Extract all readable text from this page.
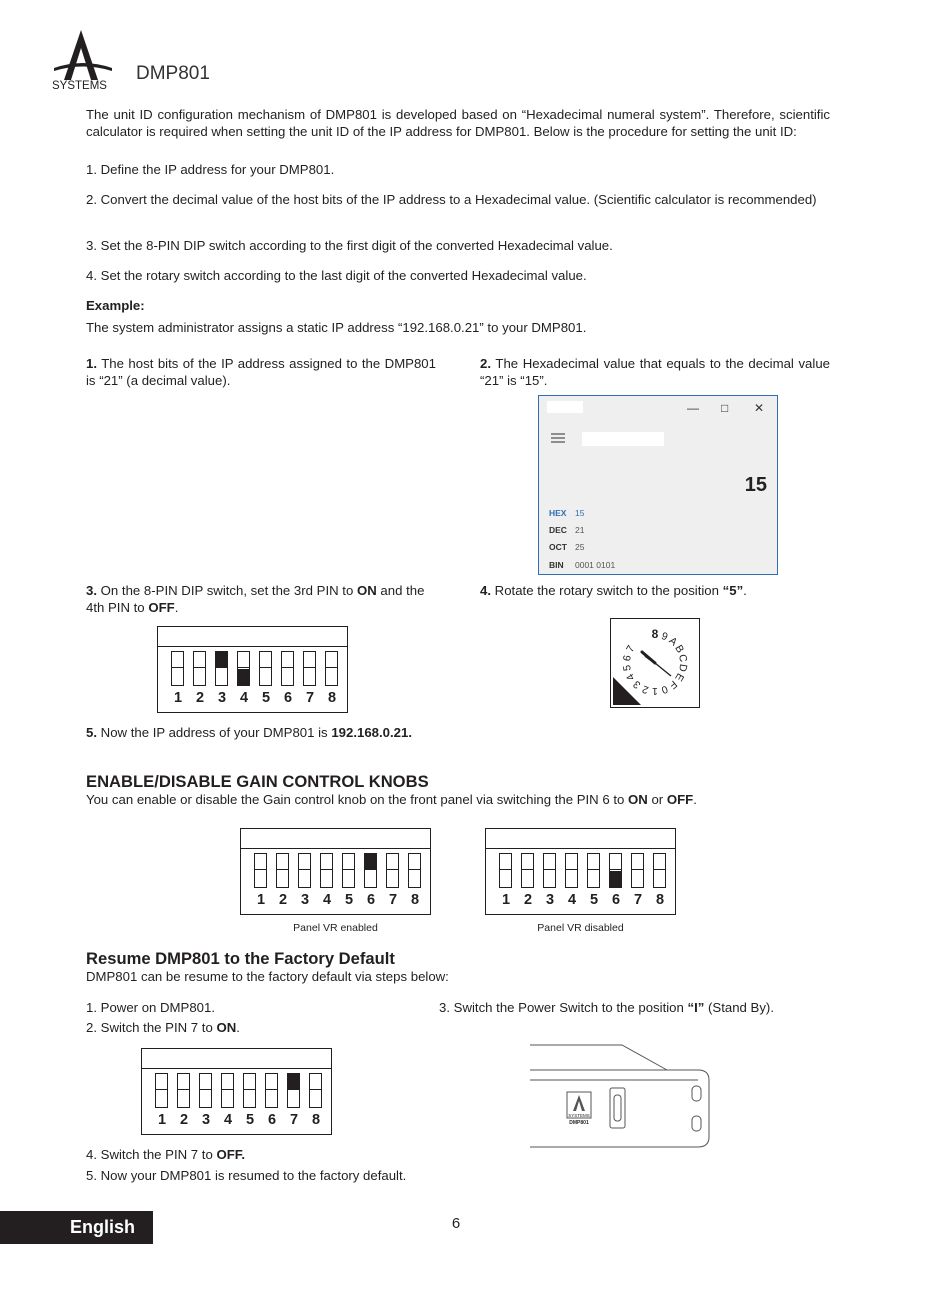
SYSTEMS
DMP801
The unit ID configuration mechanism of DMP801 is developed based on “Hexadecimal numeral system”. Therefore, scientific calculator is required when setting the unit ID of the IP address for DMP801. Below is the procedure for setting the unit ID:
1. Define the IP address for your DMP801.
2. Convert the decimal value of the host bits of the IP address to a Hexadecimal value. (Scientific calculator is recommended)
3. Set the 8-PIN DIP switch according to the first digit of the converted Hexadecimal value.
4. Set the rotary switch according to the last digit of the converted Hexadecimal value.
Example:
The system administrator assigns a static IP address “192.168.0.21” to your DMP801.
1. The host bits of the IP address assigned to the DMP801 is “21” (a decimal value).
2. The Hexadecimal value that equals to the decimal value “21” is “15”.
— □ ✕
15
HEX 15
DEC 21
OCT 25
BIN 0001 0101
3. On the 8-PIN DIP switch, set the 3rd PIN to ON and the 4th PIN to OFF.
4. Rotate the rotary switch to the position “5”.
1 2 3 4 5 6 7 8
8 9
A
B
C
D
E
F
0
1
2
3
4
5
6
7
5. Now the IP address of your DMP801 is 192.168.0.21.
ENABLE/DISABLE GAIN CONTROL KNOBS
You can enable or disable the Gain control knob on the front panel via switching the PIN 6 to ON or OFF.
1 2 3 4 5 6 7 8
Panel VR enabled
1 2 3 4 5 6 7 8
Panel VR disabled
Resume DMP801 to the Factory Default
DMP801 can be resume to the factory default via steps below:
1. Power on DMP801.
2. Switch the PIN 7 to ON.
3. Switch the Power Switch to the position “I” (Stand By).
1 2 3 4 5 6 7 8	SYSTEMS
DMP801
4. Switch the PIN 7 to OFF.
5. Now your DMP801 is resumed to the factory default.
English	6
